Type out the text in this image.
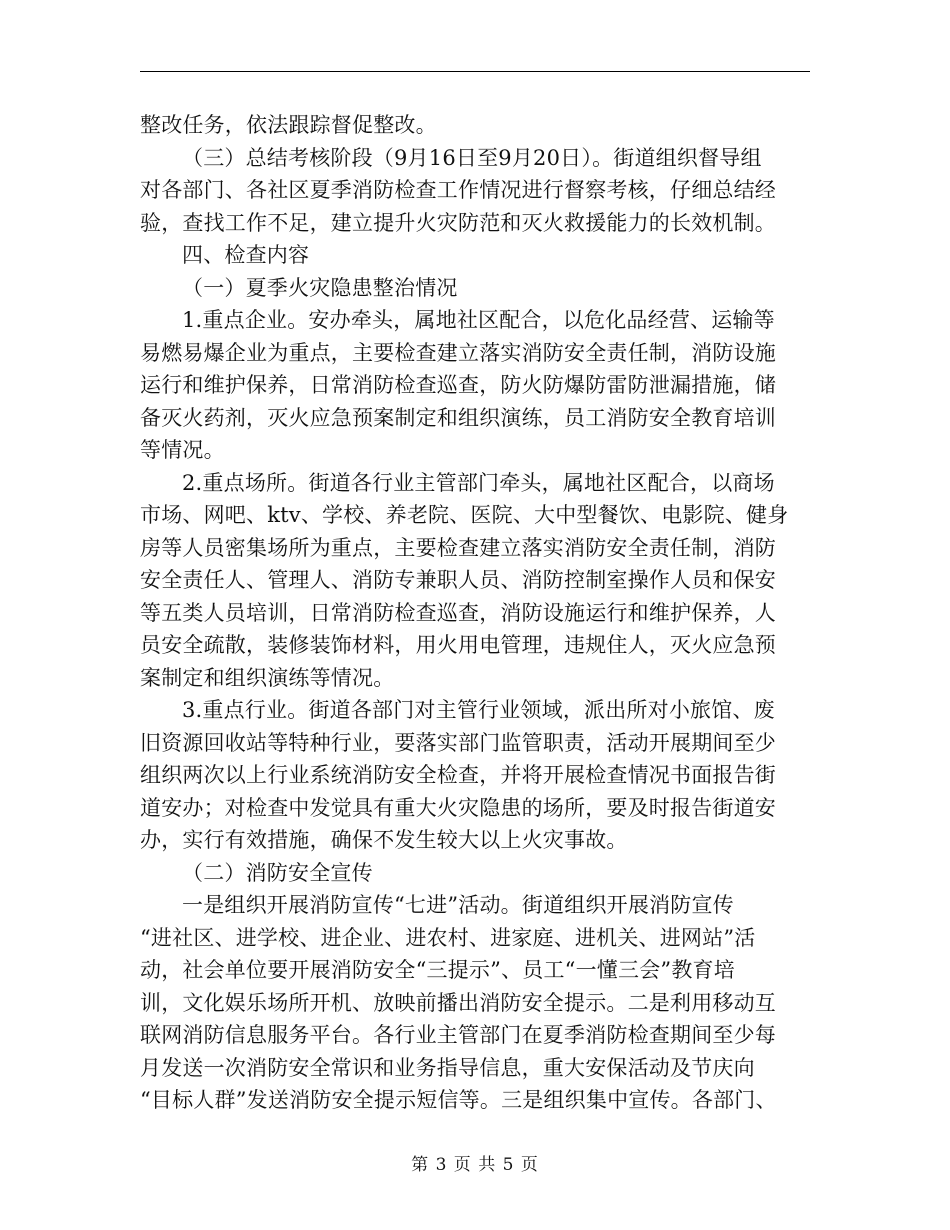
整改任务，依法跟踪督促整改。
（三）总结考核阶段（9月16日至9月20日）。街道组织督导组
对各部门、各社区夏季消防检查工作情况进行督察考核，仔细总结经
验，查找工作不足，建立提升火灾防范和灭火救援能力的长效机制。
四、检查内容
（一）夏季火灾隐患整治情况
1.重点企业。安办牵头，属地社区配合，以危化品经营、运输等
易燃易爆企业为重点，主要检查建立落实消防安全责任制，消防设施
运行和维护保养，日常消防检查巡查，防火防爆防雷防泄漏措施，储
备灭火药剂，灭火应急预案制定和组织演练，员工消防安全教育培训
等情况。
2.重点场所。街道各行业主管部门牵头，属地社区配合，以商场
市场、网吧、ktv、学校、养老院、医院、大中型餐饮、电影院、健身
房等人员密集场所为重点，主要检查建立落实消防安全责任制，消防
安全责任人、管理人、消防专兼职人员、消防控制室操作人员和保安
等五类人员培训，日常消防检查巡查，消防设施运行和维护保养，人
员安全疏散，装修装饰材料，用火用电管理，违规住人，灭火应急预
案制定和组织演练等情况。
3.重点行业。街道各部门对主管行业领域，派出所对小旅馆、废
旧资源回收站等特种行业，要落实部门监管职责，活动开展期间至少
组织两次以上行业系统消防安全检查，并将开展检查情况书面报告街
道安办；对检查中发觉具有重大火灾隐患的场所，要及时报告街道安
办，实行有效措施，确保不发生较大以上火灾事故。
（二）消防安全宣传
一是组织开展消防宣传“七进”活动。街道组织开展消防宣传
“进社区、进学校、进企业、进农村、进家庭、进机关、进网站”活
动，社会单位要开展消防安全“三提示”、员工“一懂三会”教育培
训，文化娱乐场所开机、放映前播出消防安全提示。二是利用移动互
联网消防信息服务平台。各行业主管部门在夏季消防检查期间至少每
月发送一次消防安全常识和业务指导信息，重大安保活动及节庆向
“目标人群”发送消防安全提示短信等。三是组织集中宣传。各部门、
第 3 页 共 5 页
